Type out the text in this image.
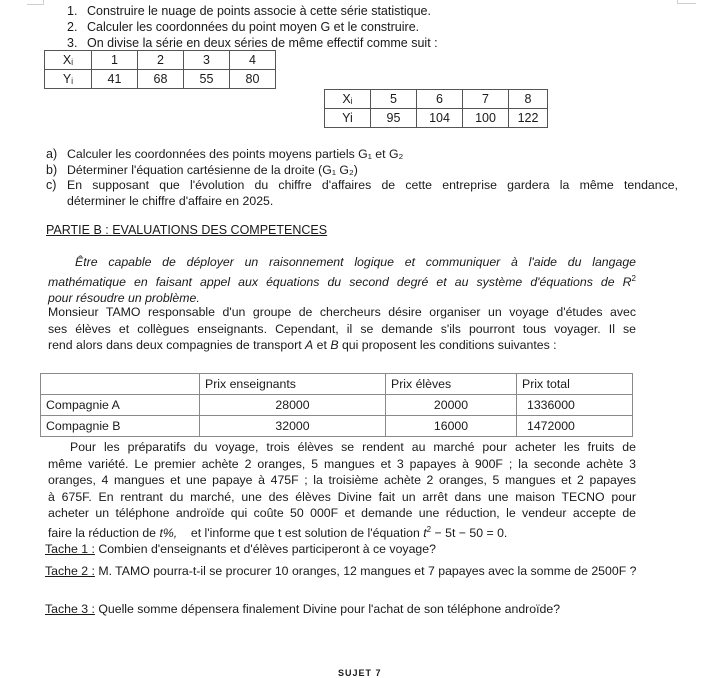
1. Construire le nuage de points associe à cette série statistique.
2. Calculer les coordonnées du point moyen G et le construire.
3. On divise la série en deux séries de même effectif comme suit :
Xᵢ	1	2	3	4
Yᵢ	41	68	55	80
Xᵢ	5	6	7	8
Yi	95	104	100	122
a) Calculer les coordonnées des points moyens partiels G₁ et G₂
b) Déterminer l'équation cartésienne de la droite (G₁ G₂)
c) En supposant que l'évolution du chiffre d'affaires de cette entreprise gardera la même tendance,
déterminer le chiffre d'affaire en 2025.
PARTIE B : EVALUATIONS DES COMPETENCES
Être capable de déployer un raisonnement logique et communiquer à l'aide du langage
mathématique en faisant appel aux équations du second degré et au système d'équations de $R^2$
pour résoudre un problème.
Monsieur TAMO responsable d'un groupe de chercheurs désire organiser un voyage d'études avec
ses élèves et collègues enseignants. Cependant, il se demande s'ils pourront tous voyager. Il se
rend alors dans deux compagnies de transport A et B qui proposent les conditions suivantes :
	Prix enseignants	Prix élèves	Prix total
Compagnie A	28000	20000	1336000
Compagnie B	32000	16000	1472000
Pour les préparatifs du voyage, trois élèves se rendent au marché pour acheter les fruits de
même variété. Le premier achète 2 oranges, 5 mangues et 3 papayes à 900F ; la seconde achète 3
oranges, 4 mangues et une papaye à 475F ; la troisième achète 2 oranges, 5 mangues et 2 papayes
à 675F. En rentrant du marché, une des élèves Divine fait un arrêt dans une maison TECNO pour
acheter un téléphone androïde qui coûte 50 000F et demande une réduction, le vendeur accepte de
faire la réduction de t%,    et l'informe que t est solution de l'équation $t^2 - 5t - 50 = 0$.
Tache 1 : Combien d'enseignants et d'élèves participeront à ce voyage?
Tache 2 : M. TAMO pourra-t-il se procurer 10 oranges, 12 mangues et 7 papayes avec la somme de 2500F ?
Tache 3 : Quelle somme dépensera finalement Divine pour l'achat de son téléphone androïde?
SUJET 7
